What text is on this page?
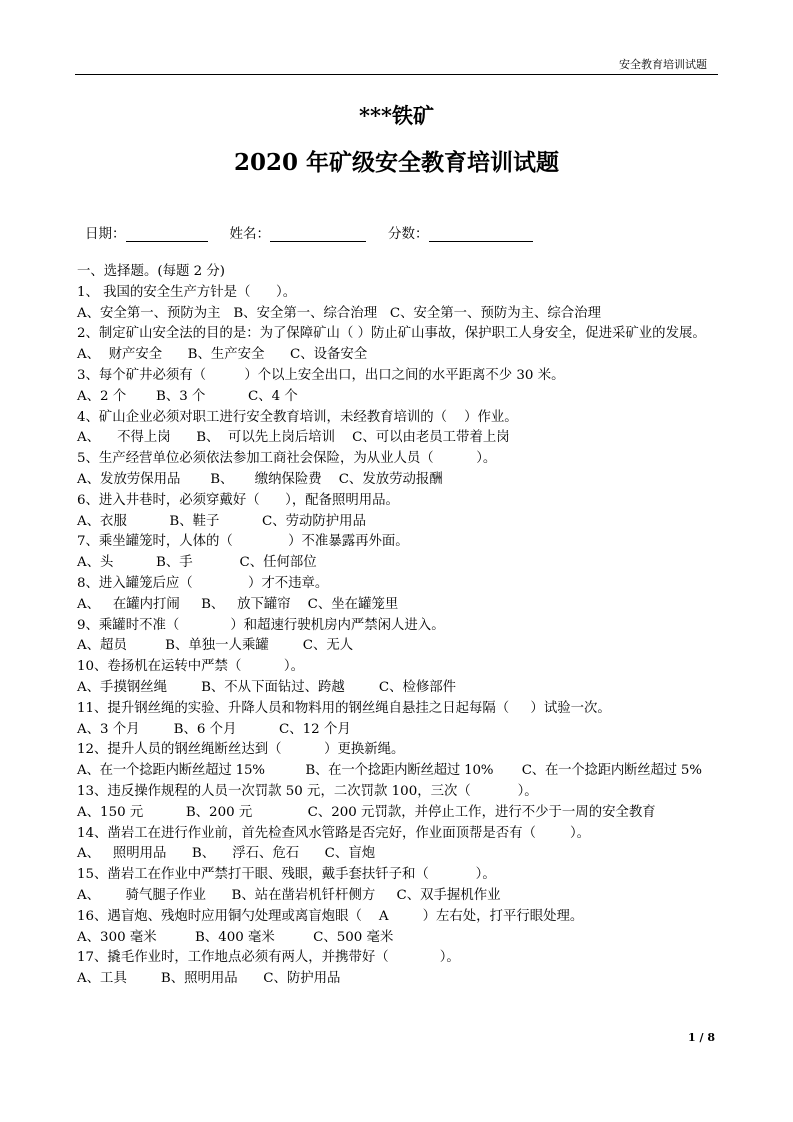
安全教育培训试题
***铁矿
2020 年矿级安全教育培训试题
日期：	姓名：	分数：
一、选择题。(每题 2 分)
1、 我国的安全生产方针是（      ）。
A、安全第一、预防为主   B、安全第一、综合治理   C、安全第一、预防为主、综合治理
2、制定矿山安全法的目的是：为了保障矿山（ ）防止矿山事故，保护职工人身安全，促进采矿业的发展。
A、  财产安全      B、生产安全      C、设备安全
3、每个矿井必须有（         ）个以上安全出口，出口之间的水平距离不少 30 米。
A、2 个       B、3 个          C、4 个
4、矿山企业必须对职工进行安全教育培训，未经教育培训的（    ）作业。
A、    不得上岗      B、  可以先上岗后培训    C、可以由老员工带着上岗
5、生产经营单位必须依法参加工商社会保险，为从业人员（          ）。
A、发放劳保用品       B、     缴纳保险费    C、发放劳动报酬
6、进入井巷时，必须穿戴好（      ），配备照明用品。
A、衣服          B、鞋子          C、劳动防护用品
7、乘坐罐笼时，人体的（             ）不准暴露再外面。
A、头          B、手           C、任何部位
8、进入罐笼后应（             ）才不违章。
A、   在罐内打闹     B、   放下罐帘    C、坐在罐笼里
9、乘罐时不准（            ）和超速行驶机房内严禁闲人进入。
A、超员         B、单独一人乘罐        C、无人
10、卷扬机在运转中严禁（          ）。
A、手摸钢丝绳        B、不从下面钻过、跨越        C、检修部件
11、提升钢丝绳的实验、升降人员和物料用的钢丝绳自悬挂之日起每隔（     ）试验一次。
A、3 个月        B、6 个月          C、12 个月
12、提升人员的钢丝绳断丝达到（          ）更换新绳。
A、在一个捻距内断丝超过 15%          B、在一个捻距内断丝超过 10%       C、在一个捻距内断丝超过 5%
13、违反操作规程的人员一次罚款 50 元，二次罚款 100，三次（           ）。
A、150 元          B、200 元             C、200 元罚款，并停止工作，进行不少于一周的安全教育
14、凿岩工在进行作业前，首先检查风水管路是否完好，作业面顶帮是否有（        ）。
A、   照明用品      B、    浮石、危石      C、盲炮
15、凿岩工在作业中严禁打干眼、残眼，戴手套扶钎子和（           ）。
A、      骑气腿子作业      B、站在凿岩机钎杆侧方     C、双手握机作业
16、遇盲炮、残炮时应用铜勺处理或离盲炮眼（    A        ）左右处，打平行眼处理。
A、300 毫米         B、400 毫米         C、500 毫米
17、撬毛作业时，工作地点必须有两人，并携带好（            ）。
A、工具        B、照明用品      C、防护用品
1 / 8
